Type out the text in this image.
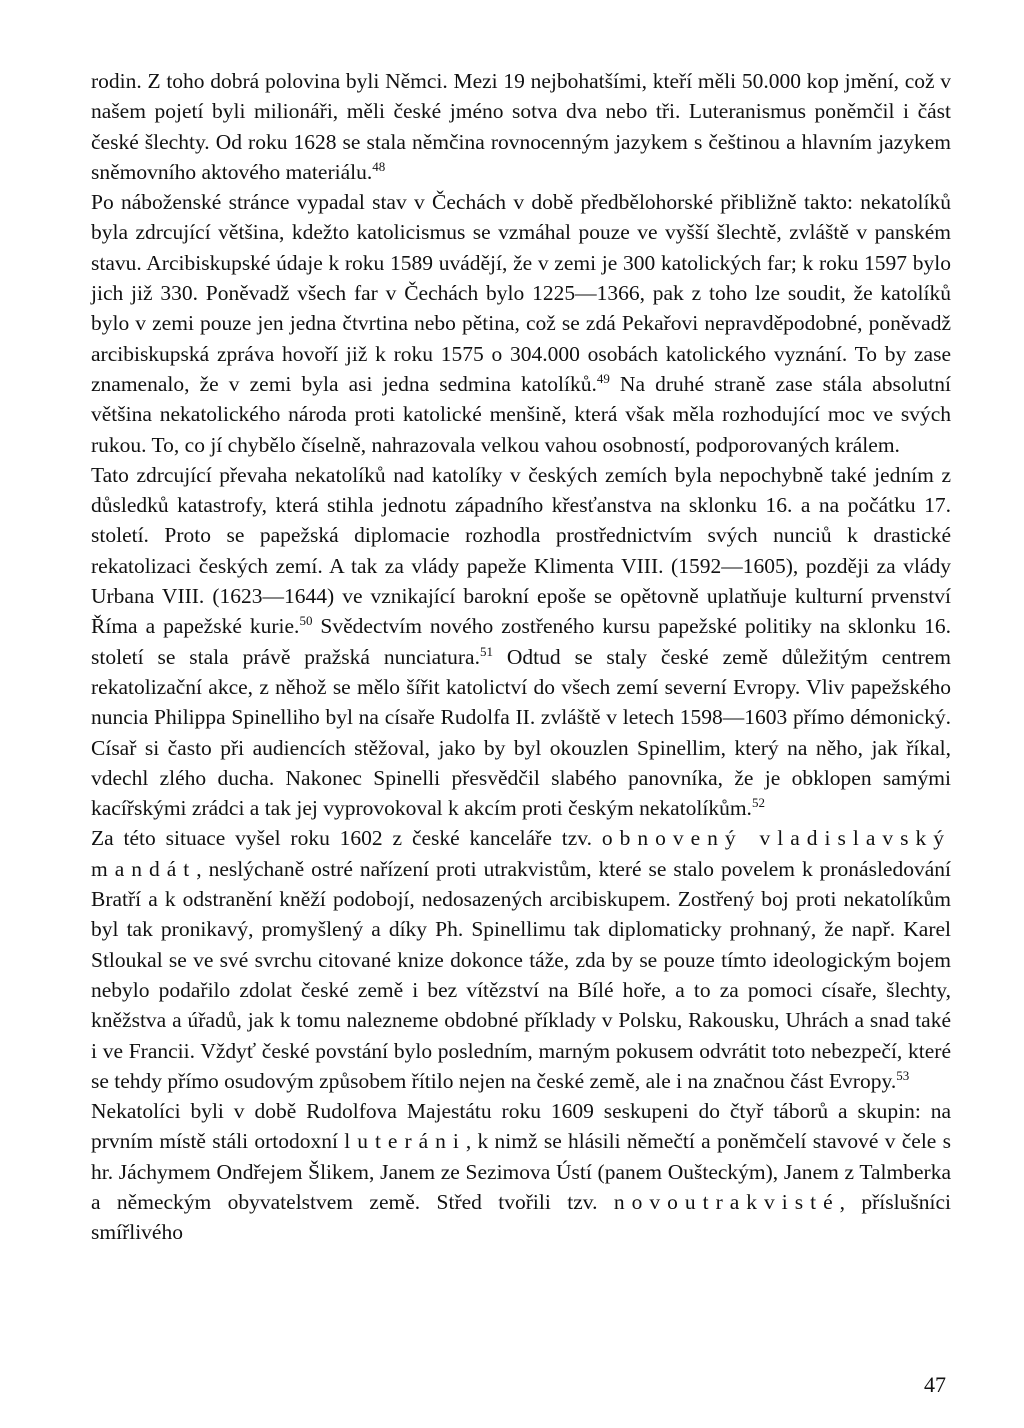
rodin. Z toho dobrá polovina byli Němci. Mezi 19 nejbohatšími, kteří měli 50.000 kop jmění, což v našem pojetí byli milionáři, měli české jméno sotva dva nebo tři. Luteranismus poněmčil i část české šlechty. Od roku 1628 se stala němčina rovnocenným jazykem s češtinou a hlavním jazykem sněmovního aktového materiálu.$^{48}$

Po náboženské stránce vypadal stav v Čechách v době předbělohorské přibližně takto: nekatolíků byla zdrcující většina, kdežto katolicismus se vzmáhal pouze ve vyšší šlechtě, zvláště v panském stavu. Arcibiskupské údaje k roku 1589 uvádějí, že v zemi je 300 katolických far; k roku 1597 bylo jich již 330. Poněvadž všech far v Čechách bylo 1225—1366, pak z toho lze soudit, že katolíků bylo v zemi pouze jen jedna čtvrtina nebo pětina, což se zdá Pekařovi nepravděpodobné, poněvadž arcibiskupská zpráva hovoří již k roku 1575 o 304.000 osobách katolického vyznání. To by zase znamenalo, že v zemi byla asi jedna sedmina katolíků.$^{49}$ Na druhé straně zase stála absolutní většina nekatolického národa proti katolické menšině, která však měla rozhodující moc ve svých rukou. To, co jí chybělo číselně, nahrazovala velkou vahou osobností, podporovaných králem.

Tato zdrcující převaha nekatolíků nad katolíky v českých zemích byla nepochybně také jedním z důsledků katastrofy, která stihla jednotu západního křesťanstva na sklonku 16. a na počátku 17. století. Proto se papežská diplomacie rozhodla prostřednictvím svých nunciů k drastické rekatolizaci českých zemí. A tak za vlády papeže Klimenta VIII. (1592—1605), později za vlády Urbana VIII. (1623—1644) ve vznikající barokní epoše se opětovně uplatňuje kulturní prvenství Říma a papežské kurie.$^{50}$ Svědectvím nového zostřeného kursu papežské politiky na sklonku 16. století se stala právě pražská nunciatura.$^{51}$ Odtud se staly české země důležitým centrem rekatolizační akce, z něhož se mělo šířit katolictví do všech zemí severní Evropy. Vliv papežského nuncia Philippa Spinelliho byl na císaře Rudolfa II. zvláště v letech 1598—1603 přímo démonický. Císař si často při audiencích stěžoval, jako by byl okouzlen Spinellim, který na něho, jak říkal, vdechl zlého ducha. Nakonec Spinelli přesvědčil slabého panovníka, že je obklopen samými kacířskými zrádci a tak jej vyprovokoval k akcím proti českým nekatolíkům.$^{52}$

Za této situace vyšel roku 1602 z české kanceláře tzv. obnovený vladislavský mandát, neslýchaně ostré nařízení proti utrakvistům, které se stalo povelem k pronásledování Bratří a k odstranění kněží podobojí, nedosazených arcibiskupem. Zostřený boj proti nekatolíkům byl tak pronikavý, promyšlený a díky Ph. Spinellimu tak diplomaticky prohnaný, že např. Karel Stloukal se ve své svrchu citované knize dokonce táže, zda by se pouze tímto ideologickým bojem nebylo podařilo zdolat české země i bez vítězství na Bílé hoře, a to za pomoci císaře, šlechty, kněžstva a úřadů, jak k tomu nalezneme obdobné příklady v Polsku, Rakousku, Uhrách a snad také i ve Francii. Vždyť české povstání bylo posledním, marným pokusem odvrátit toto nebezpečí, které se tehdy přímo osudovým způsobem řítilo nejen na české země, ale i na značnou část Evropy.$^{53}$

Nekatolíci byli v době Rudolfova Majestátu roku 1609 seskupeni do čtyř táborů a skupin: na prvním místě stáli ortodoxní luteráni, k nimž se hlásili němečtí a poněmčelí stavové v čele s hr. Jáchymem Ondřejem Šlikem, Janem ze Sezimova Ústí (panem Oušteckým), Janem z Talmberka a německým obyvatelstvem země. Střed tvořili tzv. novoutrakvisté, příslušníci smířlivého

47
